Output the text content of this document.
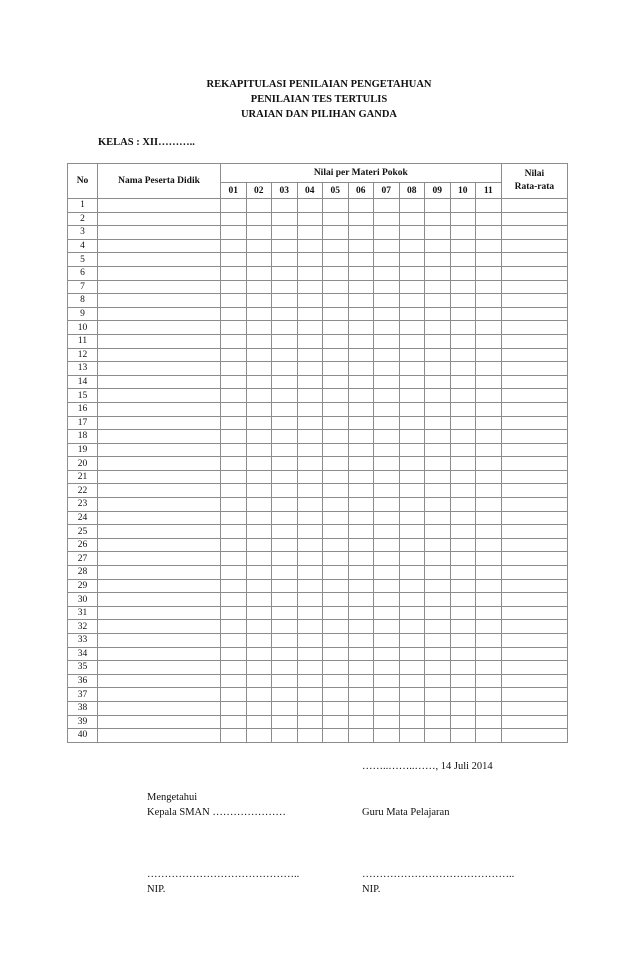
REKAPITULASI PENILAIAN PENGETAHUAN
PENILAIAN TES TERTULIS
URAIAN DAN PILIHAN GANDA
KELAS : XII………..
No	Nama Peserta Didik	Nilai per Materi Pokok											Nilai
Rata-rata
		01	02	03	04	05	06	07	08	09	10	11	
1													
2													
3													
4													
5													
6													
7													
8													
9													
10													
11													
12													
13													
14													
15													
16													
17													
18													
19													
20													
21													
22													
23													
24													
25													
26													
27													
28													
29													
30													
31													
32													
33													
34													
35													
36													
37													
38													
39													
40													
……..……..……, 14 Juli 2014
Mengetahui
Kepala SMAN …………………	Guru Mata Pelajaran
……………………………………..
NIP.
……………………………………..
NIP.
